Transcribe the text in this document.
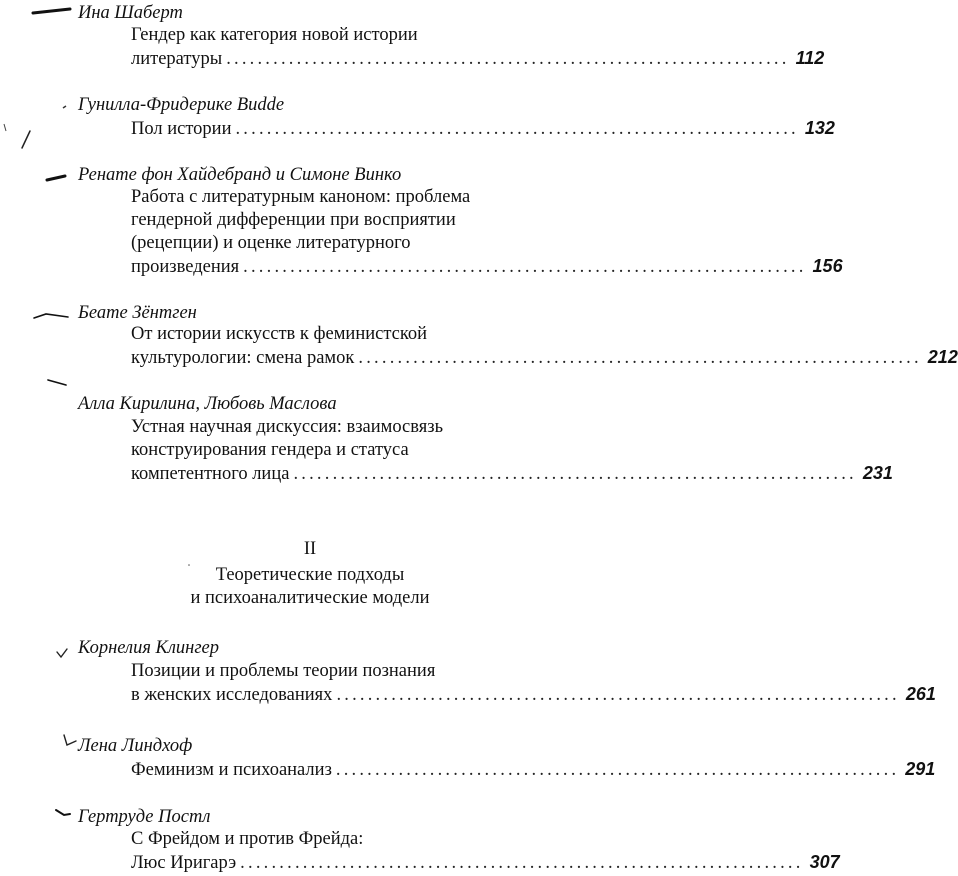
Ина Шаберт
Гендер как категория новой истории
литературы ........................................................................ 112
Гунилла-Фридерике Budde
Пол истории ........................................................................ 132
Ренате фон Хайдебранд и Симоне Винко
Работа с литературным каноном: проблема
гендерной дифференции при восприятии
(рецепции) и оценке литературного
произведения ........................................................................ 156
Беате Зёнтген
От истории искусств к феминистской
культурологии: смена рамок ........................................................................ 212
Алла Кирилина, Любовь Маслова
Устная научная дискуссия: взаимосвязь
конструирования гендера и статуса
компетентного лица ........................................................................ 231
II
Теоретические подходы
и психоаналитические модели
Корнелия Клингер
Позиции и проблемы теории познания
в женских исследованиях ........................................................................ 261
Лена Линдхоф
Феминизм и психоанализ ........................................................................ 291
Гертруде Постл
С Фрейдом и против Фрейда:
Люс Иригарэ ........................................................................ 307
